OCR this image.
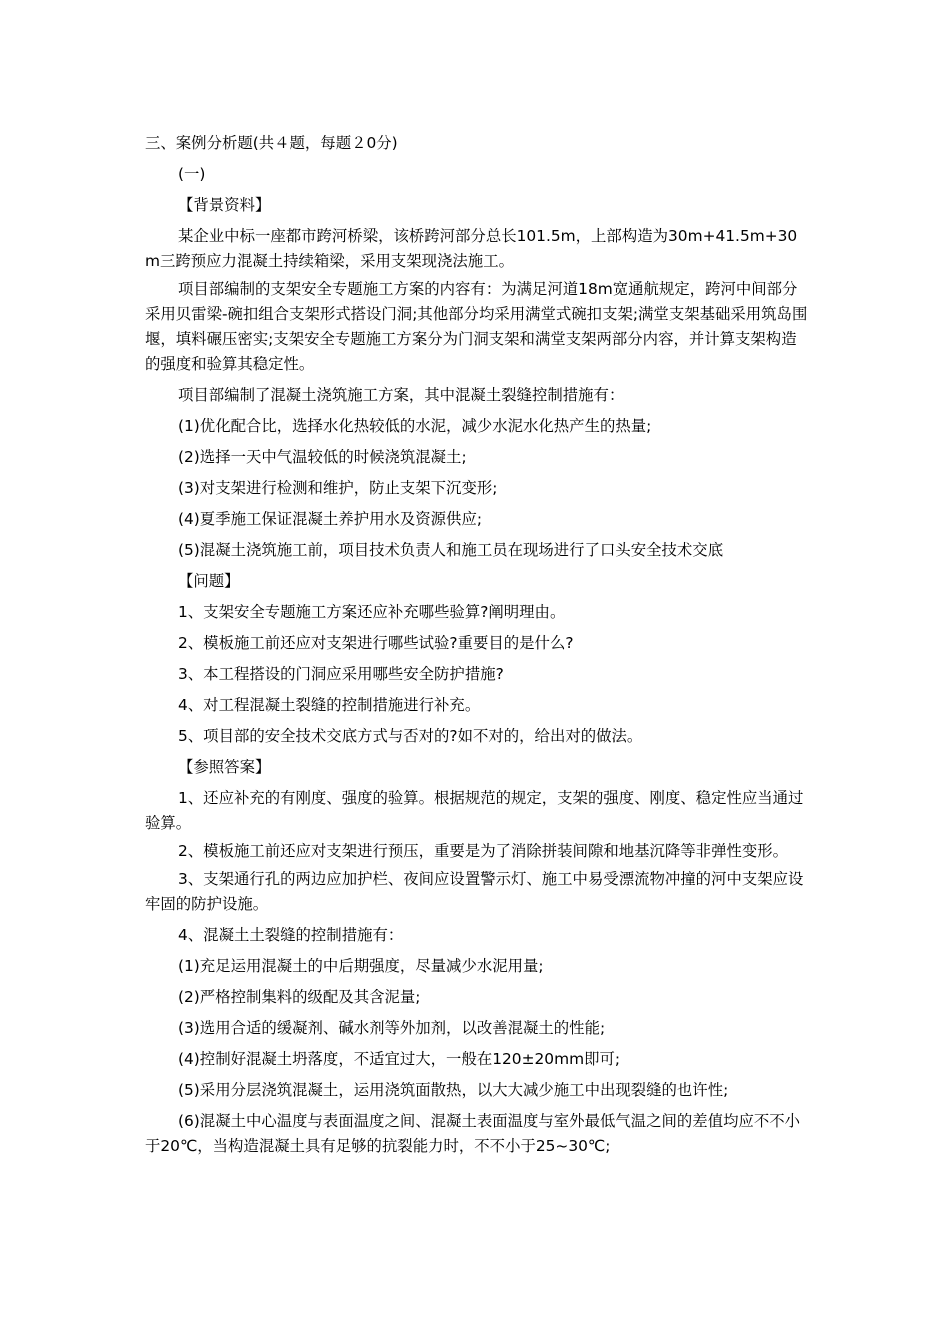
三、案例分析题(共４题，每题２0分)

(一)

【背景资料】

某企业中标一座都市跨河桥梁，该桥跨河部分总长101.5m，上部构造为30m+41.5m+30m三跨预应力混凝土持续箱梁，采用支架现浇法施工。

项目部编制的支架安全专题施工方案的内容有：为满足河道18m宽通航规定，跨河中间部分采用贝雷梁-碗扣组合支架形式搭设门洞;其他部分均采用满堂式碗扣支架;满堂支架基础采用筑岛围堰，填料碾压密实;支架安全专题施工方案分为门洞支架和满堂支架两部分内容，并计算支架构造的强度和验算其稳定性。

项目部编制了混凝土浇筑施工方案，其中混凝土裂缝控制措施有：

(1)优化配合比，选择水化热较低的水泥，减少水泥水化热产生的热量;

(2)选择一天中气温较低的时候浇筑混凝土;

(3)对支架进行检测和维护，防止支架下沉变形;

(4)夏季施工保证混凝土养护用水及资源供应;

(5)混凝土浇筑施工前，项目技术负责人和施工员在现场进行了口头安全技术交底

【问题】

1、支架安全专题施工方案还应补充哪些验算?阐明理由。

2、模板施工前还应对支架进行哪些试验?重要目的是什么?

3、本工程搭设的门洞应采用哪些安全防护措施?

4、对工程混凝土裂缝的控制措施进行补充。

5、项目部的安全技术交底方式与否对的?如不对的，给出对的做法。

【参照答案】

1、还应补充的有刚度、强度的验算。根据规范的规定，支架的强度、刚度、稳定性应当通过验算。

2、模板施工前还应对支架进行预压，重要是为了消除拼装间隙和地基沉降等非弹性变形。

3、支架通行孔的两边应加护栏、夜间应设置警示灯、施工中易受漂流物冲撞的河中支架应设牢固的防护设施。

4、混凝土土裂缝的控制措施有：

(1)充足运用混凝土的中后期强度，尽量减少水泥用量;

(2)严格控制集料的级配及其含泥量;

(3)选用合适的缓凝剂、碱水剂等外加剂，以改善混凝土的性能;

(4)控制好混凝土坍落度，不适宜过大，一般在120±20mm即可;

(5)采用分层浇筑混凝土，运用浇筑面散热，以大大减少施工中出现裂缝的也许性;

(6)混凝土中心温度与表面温度之间、混凝土表面温度与室外最低气温之间的差值均应不不小于20℃，当构造混凝土具有足够的抗裂能力时，不不小于25~30℃;
